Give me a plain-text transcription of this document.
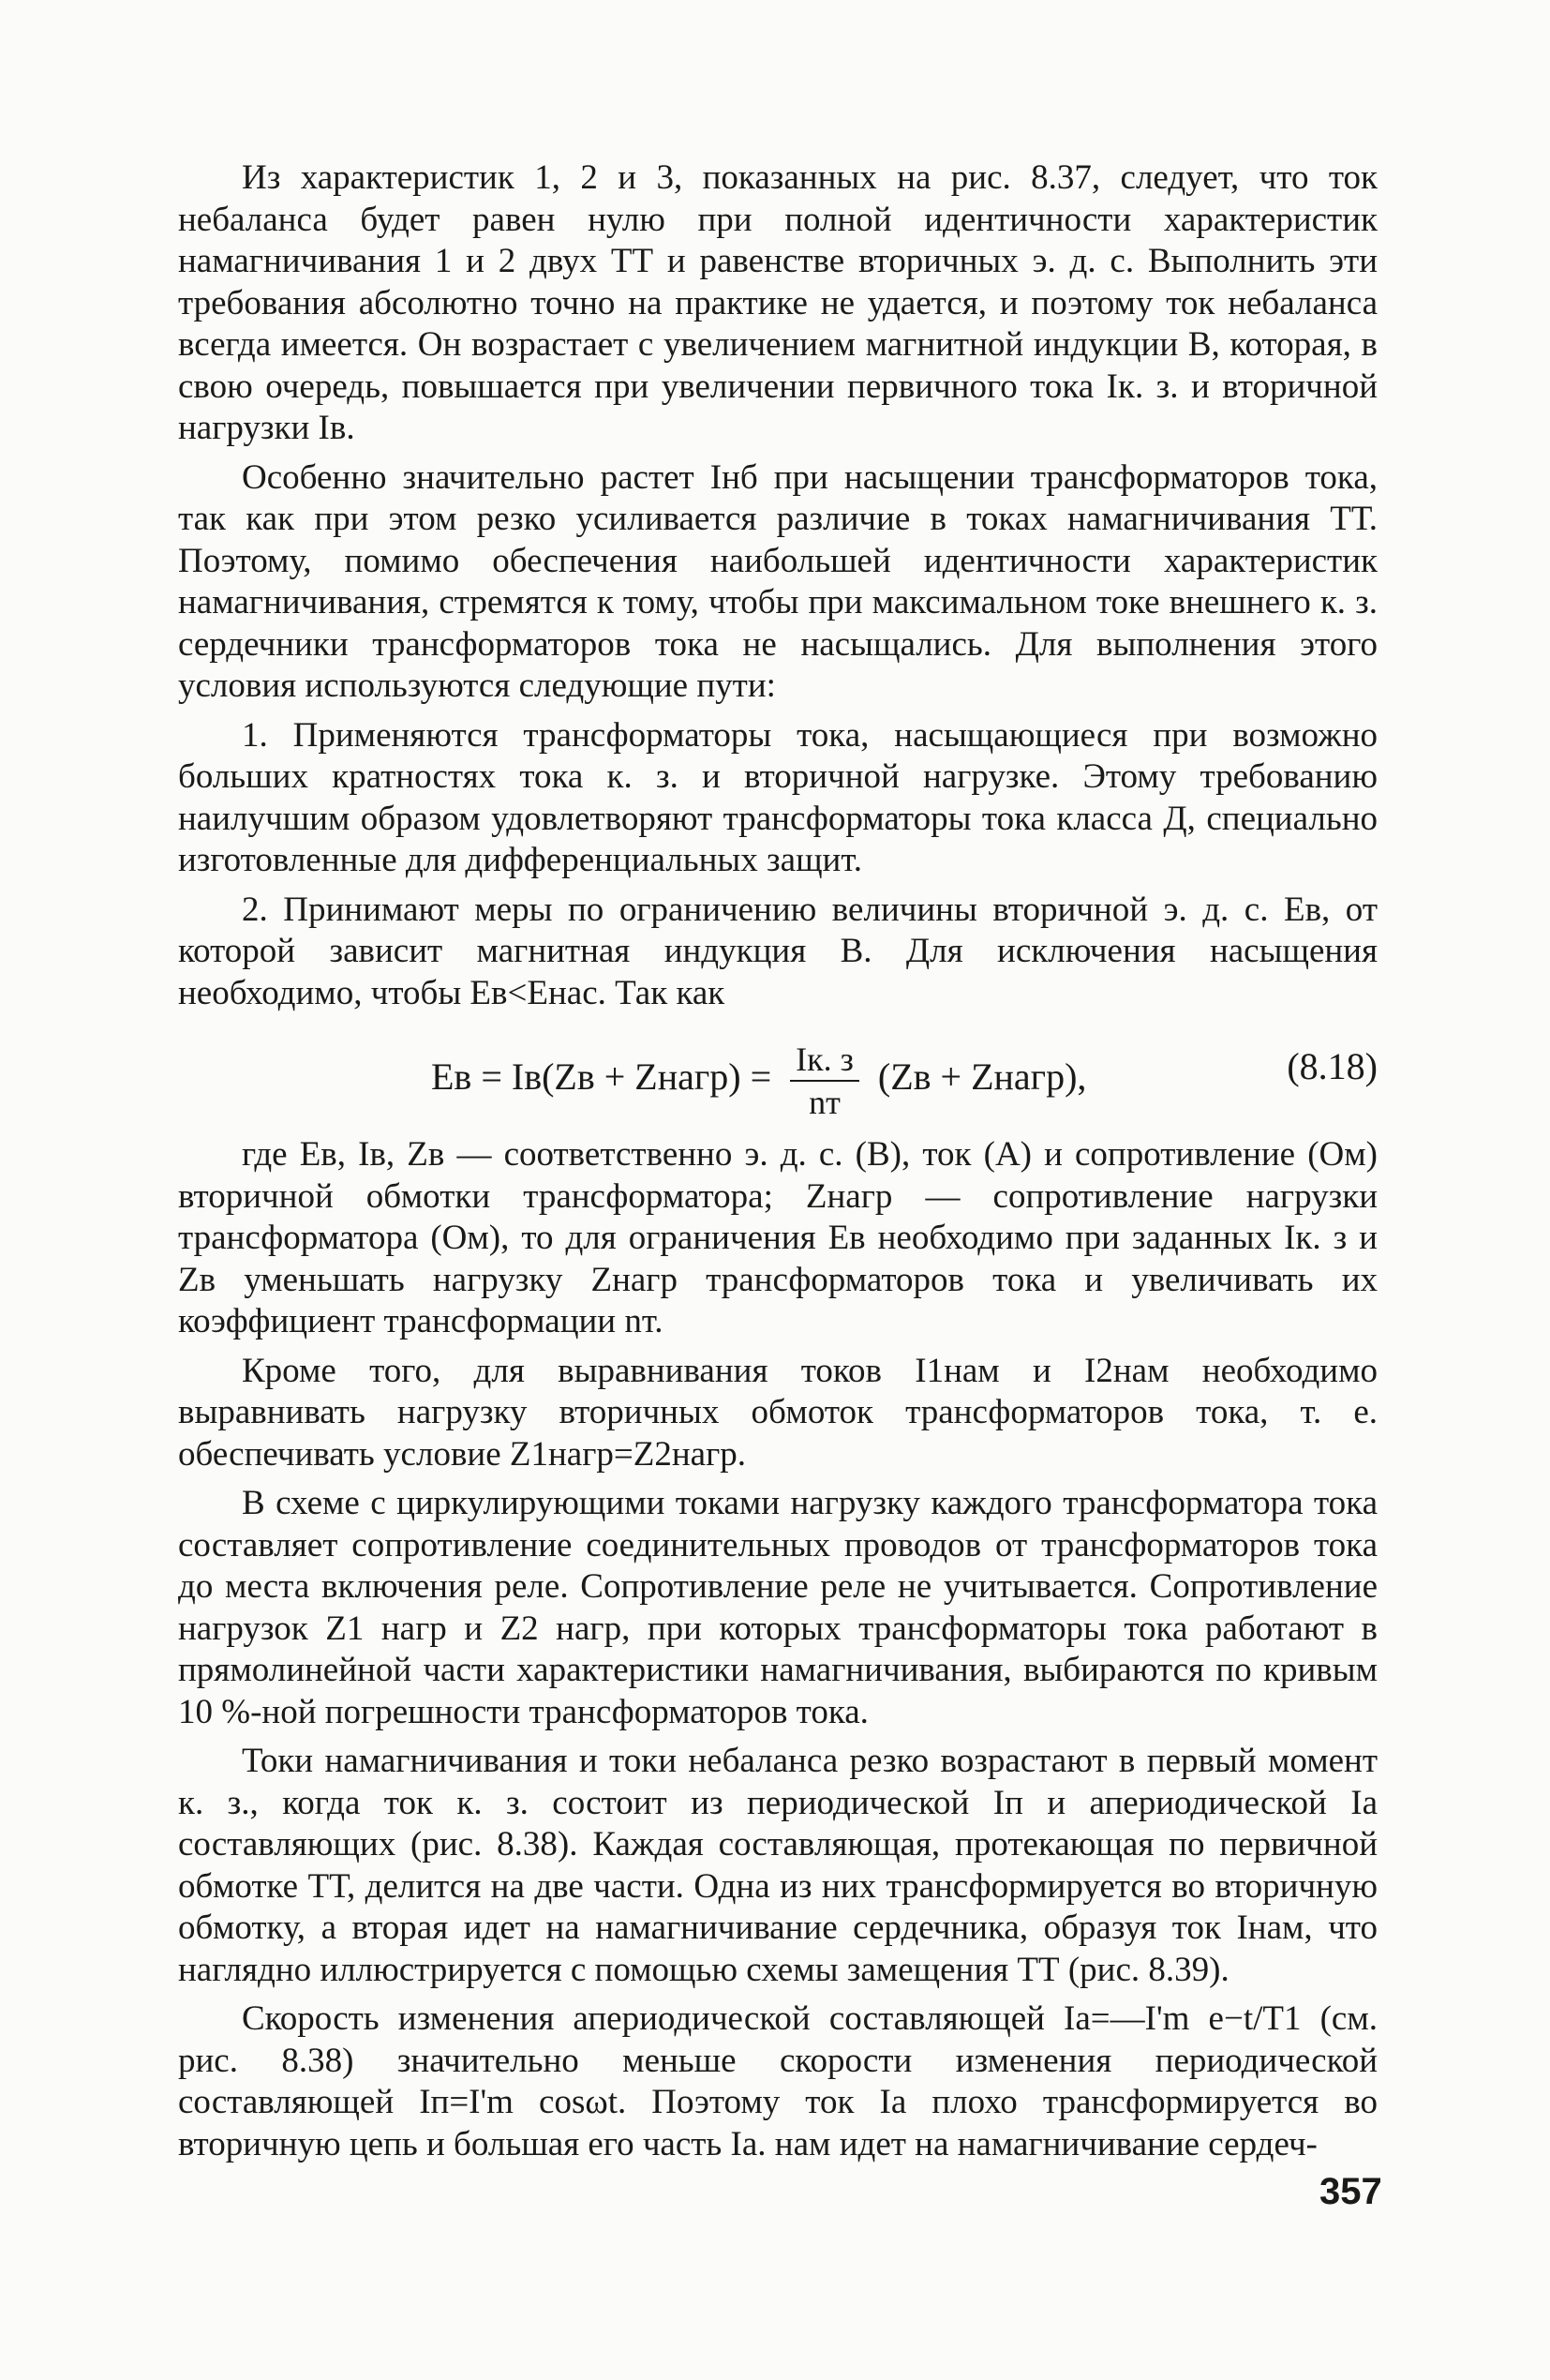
Из характеристик 1, 2 и 3, показанных на рис. 8.37, следует, что ток небаланса будет равен нулю при полной идентичности характеристик намагничивания 1 и 2 двух ТТ и равенстве вторичных э. д. с. Выполнить эти требования абсолютно точно на практике не удается, и поэтому ток небаланса всегда имеется. Он возрастает с увеличением магнитной индукции B, которая, в свою очередь, повышается при увеличении первичного тока Iк. з. и вторичной нагрузки Iв.

Особенно значительно растет Iнб при насыщении трансформаторов тока, так как при этом резко усиливается различие в токах намагничивания ТТ. Поэтому, помимо обеспечения наибольшей идентичности характеристик намагничивания, стремятся к тому, чтобы при максимальном токе внешнего к. з. сердечники трансформаторов тока не насыщались. Для выполнения этого условия используются следующие пути:

1. Применяются трансформаторы тока, насыщающиеся при возможно больших кратностях тока к. з. и вторичной нагрузке. Этому требованию наилучшим образом удовлетворяют трансформаторы тока класса Д, специально изготовленные для дифференциальных защит.

2. Принимают меры по ограничению величины вторичной э. д. с. Eв, от которой зависит магнитная индукция B. Для исключения насыщения необходимо, чтобы Eв<Eнас. Так как

Eв = Iв(Zв + Zнагр) = $\frac{Iк. з}{nт} (Zв$ + Zнагр),	(8.18)

где Eв, Iв, Zв — соответственно э. д. с. (В), ток (А) и сопротивление (Ом) вторичной обмотки трансформатора; Zнагр — сопротивление нагрузки трансформатора (Ом), то для ограничения Eв необходимо при заданных Iк. з и Zв уменьшать нагрузку Zнагр трансформаторов тока и увеличивать их коэффициент трансформации nт.

Кроме того, для выравнивания токов I1нам и I2нам необходимо выравнивать нагрузку вторичных обмоток трансформаторов тока, т. е. обеспечивать условие Z1нагр=Z2нагр.

В схеме с циркулирующими токами нагрузку каждого трансформатора тока составляет сопротивление соединительных проводов от трансформаторов тока до места включения реле. Сопротивление реле не учитывается. Сопротивление нагрузок Z1 нагр и Z2 нагр, при которых трансформаторы тока работают в прямолинейной части характеристики намагничивания, выбираются по кривым 10 %-ной погрешности трансформаторов тока.

Токи намагничивания и токи небаланса резко возрастают в первый момент к. з., когда ток к. з. состоит из периодической Iп и апериодической Iа составляющих (рис. 8.38). Каждая составляющая, протекающая по первичной обмотке ТТ, делится на две части. Одна из них трансформируется во вторичную обмотку, а вторая идет на намагничивание сердечника, образуя ток Iнам, что наглядно иллюстрируется с помощью схемы замещения ТТ (рис. 8.39).

Скорость изменения апериодической составляющей Iа=—I'm e−t/T1 (см. рис. 8.38) значительно меньше скорости изменения периодической составляющей Iп=I'm cosωt. Поэтому ток Iа плохо трансформируется во вторичную цепь и большая его часть Iа. нам идет на намагничивание сердеч-

357
